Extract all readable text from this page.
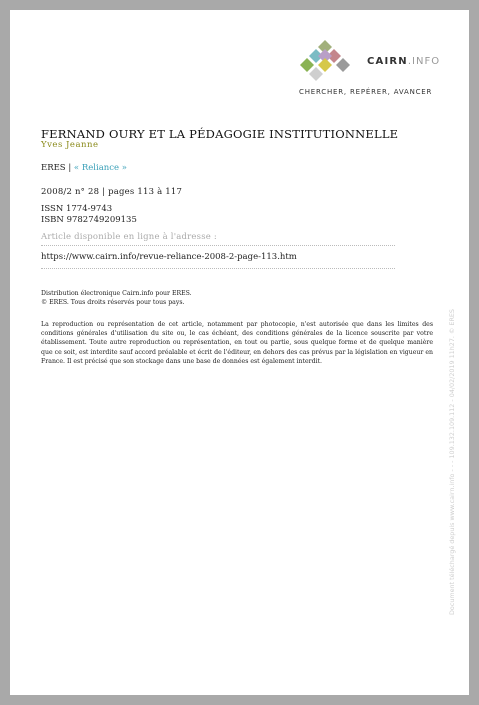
CAIRN.INFO
CHERCHER, REPÉRER, AVANCER
FERNAND OURY ET LA PÉDAGOGIE INSTITUTIONNELLE
Yves Jeanne
ERES | « Reliance »
2008/2 n° 28 | pages 113 à 117
ISSN 1774-9743
ISBN 9782749209135
Article disponible en ligne à l'adresse :
https://www.cairn.info/revue-reliance-2008-2-page-113.htm
Distribution électronique Cairn.info pour ERES.
© ERES. Tous droits réservés pour tous pays.
La reproduction ou représentation de cet article, notamment par photocopie, n'est autorisée que dans les limites des conditions générales d'utilisation du site ou, le cas échéant, des conditions générales de la licence souscrite par votre établissement. Toute autre reproduction ou représentation, en tout ou partie, sous quelque forme et de quelque manière que ce soit, est interdite sauf accord préalable et écrit de l'éditeur, en dehors des cas prévus par la législation en vigueur en France. Il est précisé que son stockage dans une base de données est également interdit.	Document téléchargé depuis www.cairn.info - - - 109.132.109.112 - 04/02/2019 11h27. © ERES
